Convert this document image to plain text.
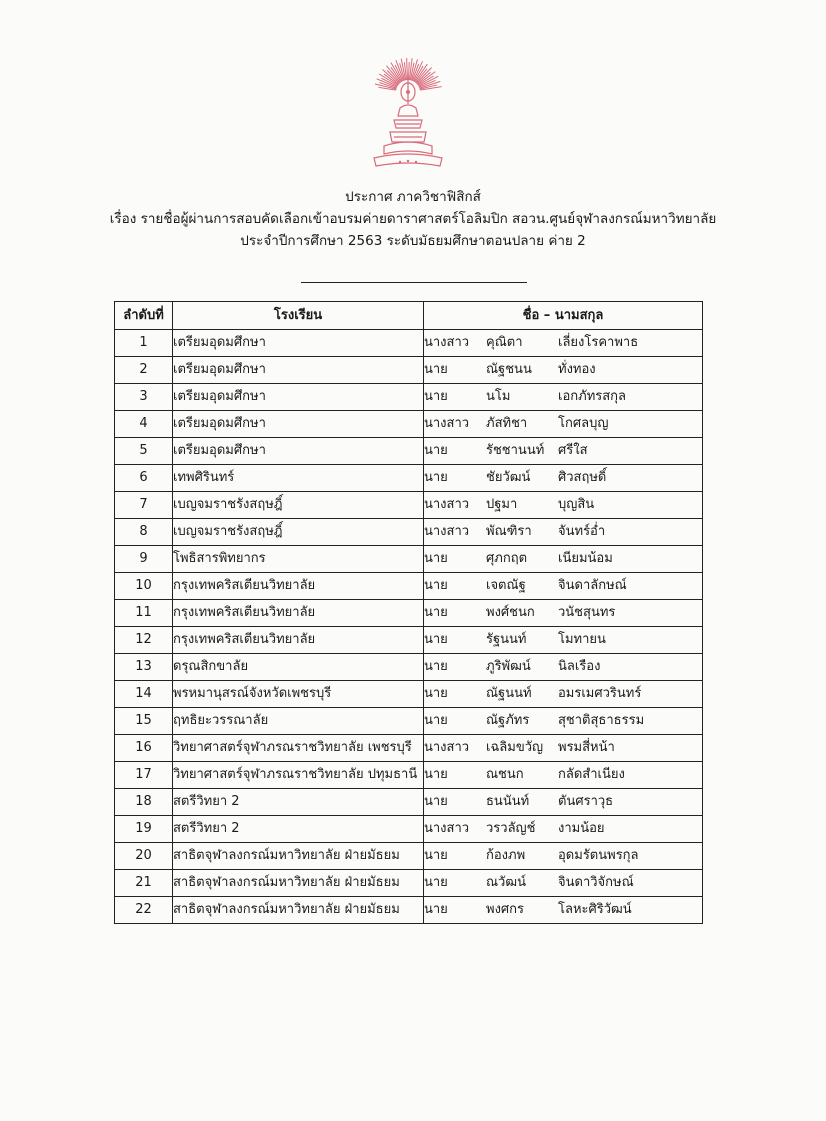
ประกาศ ภาควิชาฟิสิกส์
เรื่อง รายชื่อผู้ผ่านการสอบคัดเลือกเข้าอบรมค่ายดาราศาสตร์โอลิมปิก สอวน.ศูนย์จุฬาลงกรณ์มหาวิทยาลัย
ประจำปีการศึกษา 2563 ระดับมัธยมศึกษาตอนปลาย ค่าย 2
ลำดับที่	โรงเรียน	ชื่อ – นามสกุล
1	เตรียมอุดมศึกษา	นางสาว คุณิตา เลี่ยงโรคาพาธ
2	เตรียมอุดมศึกษา	นาย ณัฐชนน ทั่งทอง
3	เตรียมอุดมศึกษา	นาย นโม เอกภัทรสกุล
4	เตรียมอุดมศึกษา	นางสาว ภัสทิชา โกศลบุญ
5	เตรียมอุดมศึกษา	นาย รัชชานนท์ ศรีใส
6	เทพศิรินทร์	นาย ชัยวัฒน์ ศิวสฤษดิ์
7	เบญจมราชรังสฤษฎิ์	นางสาว ปฐมา บุญสิน
8	เบญจมราชรังสฤษฎิ์	นางสาว พัณฑิรา จันทร์อ่ำ
9	โพธิสารพิทยากร	นาย ศุภกฤต เนียมน้อม
10	กรุงเทพคริสเตียนวิทยาลัย	นาย เจตณัฐ จินดาลักษณ์
11	กรุงเทพคริสเตียนวิทยาลัย	นาย พงศ์ชนก วนัชสุนทร
12	กรุงเทพคริสเตียนวิทยาลัย	นาย รัฐนนท์ โมทายน
13	ดรุณสิกขาลัย	นาย ภูริพัฒน์ นิลเรือง
14	พรหมานุสรณ์จังหวัดเพชรบุรี	นาย ณัฐนนท์ อมรเมศวรินทร์
15	ฤทธิยะวรรณาลัย	นาย ณัฐภัทร สุชาติสุธาธรรม
16	วิทยาศาสตร์จุฬาภรณราชวิทยาลัย เพชรบุรี	นางสาว เฉลิมขวัญ พรมสี่หน้า
17	วิทยาศาสตร์จุฬาภรณราชวิทยาลัย ปทุมธานี	นาย ณชนก กลัดสำเนียง
18	สตรีวิทยา 2	นาย ธนนันท์ ตันศราวุธ
19	สตรีวิทยา 2	นางสาว วรวลัญช์ งามน้อย
20	สาธิตจุฬาลงกรณ์มหาวิทยาลัย ฝ่ายมัธยม	นาย ก้องภพ อุดมรัตนพรกุล
21	สาธิตจุฬาลงกรณ์มหาวิทยาลัย ฝ่ายมัธยม	นาย ณวัฒน์ จินดาวิจักษณ์
22	สาธิตจุฬาลงกรณ์มหาวิทยาลัย ฝ่ายมัธยม	นาย พงศกร โลหะศิริวัฒน์
